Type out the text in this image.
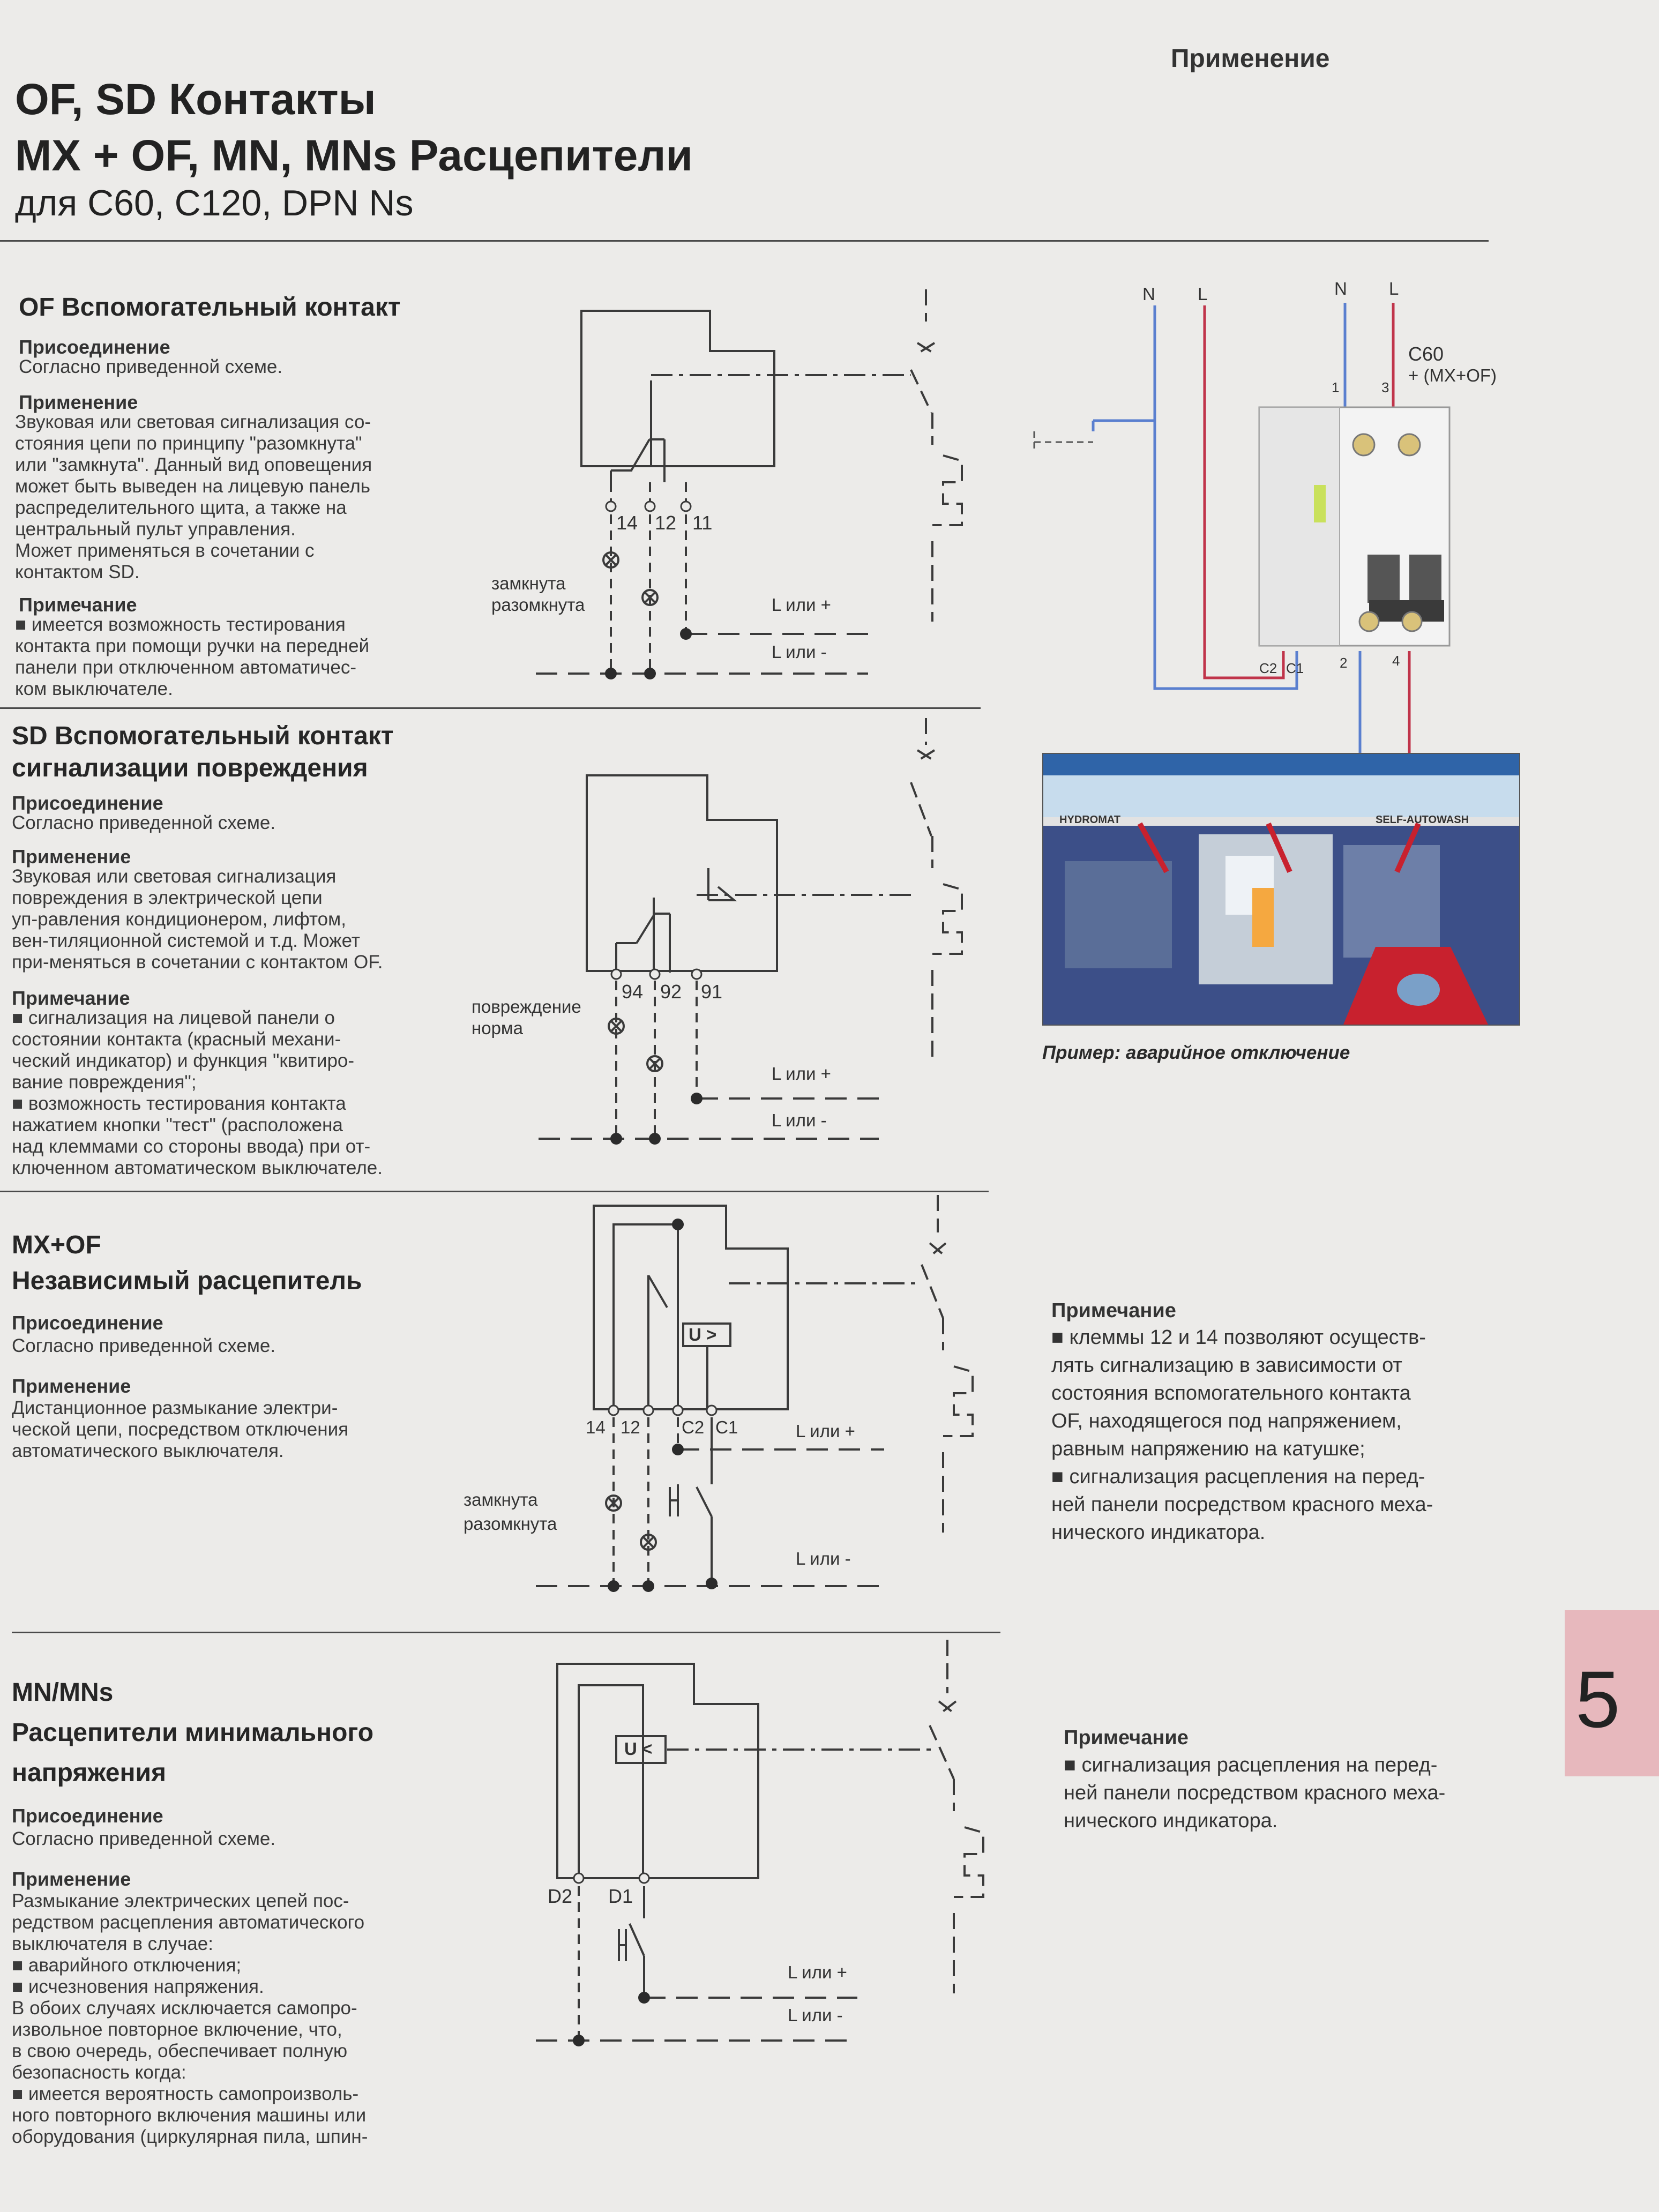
Применение
OF, SD Контакты
MX + OF, MN, MNs Расцепители
для C60, C120, DPN Ns
OF Вспомогательный контакт
Присоединение
Согласно приведенной схеме.
Применение
Звуковая или световая сигнализация со-
стояния цепи по принципу "разомкнута"
или "замкнута". Данный вид оповещения
может быть выведен на лицевую панель
распределительного щита, а также на
центральный пульт управления.
Может применяться в сочетании с
контактом SD.
Примечание
■ имеется возможность тестирования
контакта при помощи ручки на передней
панели при отключенном автоматичес-
ком выключателе.
SD Вспомогательный контакт
сигнализации повреждения
Присоединение
Согласно приведенной схеме.
Применение
Звуковая или световая сигнализация
повреждения в электрической цепи
уп-равления кондиционером, лифтом,
вен-тиляционной системой и т.д. Может
при-меняться в сочетании с контактом OF.
Примечание
■ сигнализация на лицевой панели о
состоянии контакта (красный механи-
ческий индикатор) и функция "квитиро-
вание повреждения";
■ возможность тестирования контакта
нажатием кнопки "тест" (расположена
над клеммами со стороны ввода) при от-
ключенном автоматическом выключателе.
MX+OF
Независимый расцепитель
Присоединение
Согласно приведенной схеме.
Применение
Дистанционное размыкание электри-
ческой цепи, посредством отключения
автоматического выключателя.
MN/MNs
Расцепители минимального
напряжения
Присоединение
Согласно приведенной схеме.
Применение
Размыкание электрических цепей пос-
редством расцепления автоматического
выключателя в случае:
■ аварийного отключения;
■ исчезновения напряжения.
В обоих случаях исключается самопро-
извольное повторное включение, что,
в свою очередь, обеспечивает полную
безопасность когда:
■ имеется вероятность самопроизволь-
ного повторного включения машины или
оборудования (циркулярная пила, шпин-
14 12 11
замкнута
разомкнута	L или +
L или -
94 92 91
повреждение
норма
L или +
L или -
14 12 C2 C1
U >
замкнута
разомкнута
L или +
L или -
D2 D1
U <
L или +
L или -
N L	N L
C60
+ (MX+OF)
1	3
C2 C1	2	4
HYDROMAT	SELF-AUTOWASH
Пример: аварийное отключение
Примечание
■ клеммы 12 и 14 позволяют осуществ-
лять сигнализацию в зависимости от
состояния вспомогательного контакта
OF, находящегося под напряжением,
равным напряжению на катушке;
■ сигнализация расцепления на перед-
ней панели посредством красного меха-
нического индикатора.
Примечание
■ сигнализация расцепления на перед-
ней панели посредством красного меха-
нического индикатора.
5
